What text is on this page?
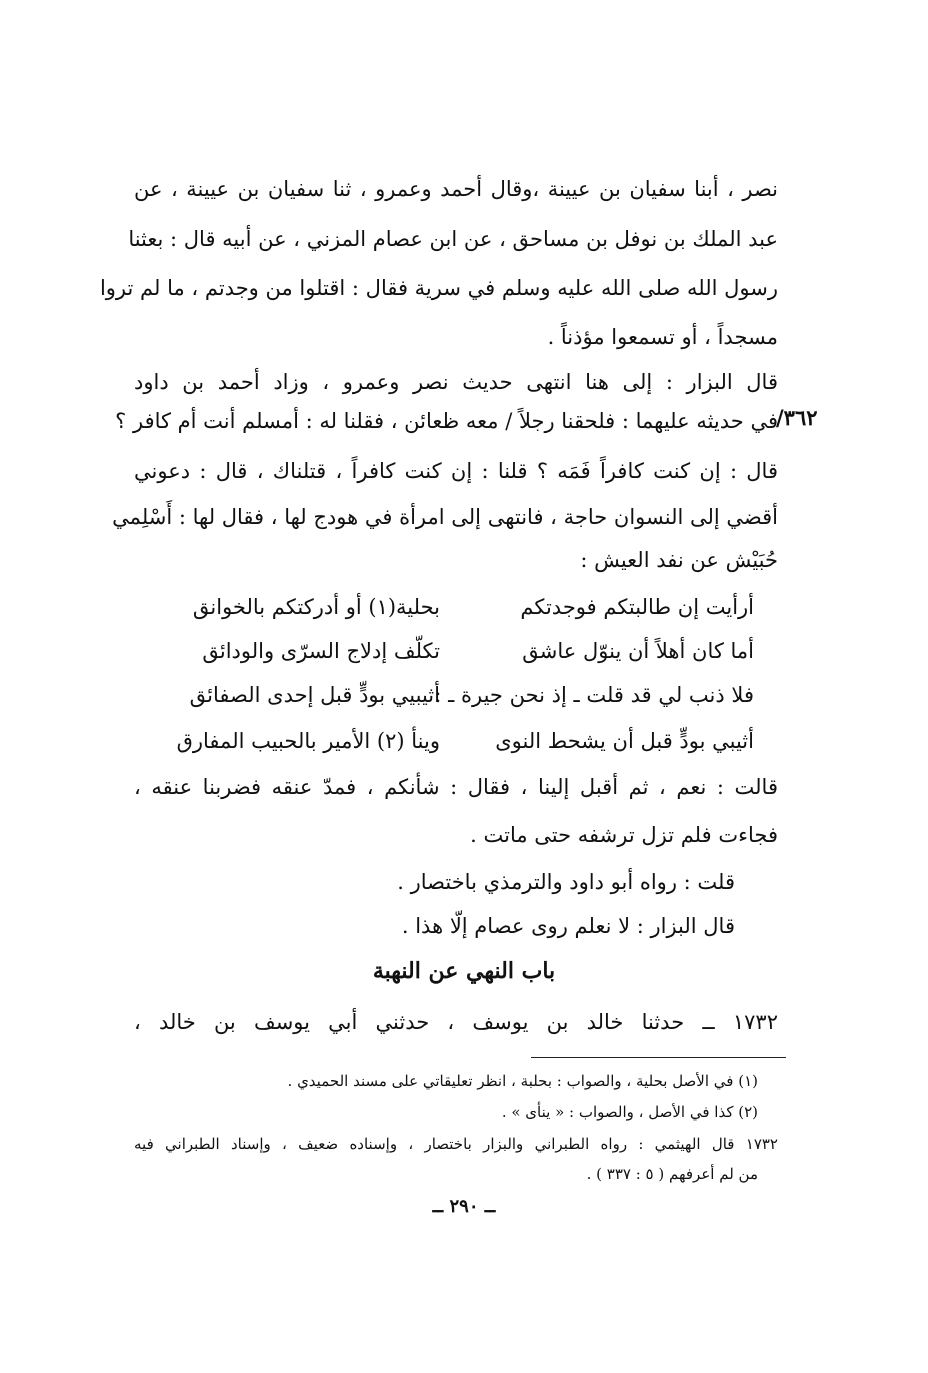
نصر ، أبنا سفيان بن عيينة ،وقال أحمد وعمرو ، ثنا سفيان بن عيينة ، عن
عبد الملك بن نوفل بن مساحق ، عن ابن عصام المزني ، عن أبيه قال : بعثنا
رسول الله صلى الله عليه وسلم في سرية فقال : اقتلوا من وجدتم ، ما لم تروا
مسجداً ، أو تسمعوا مؤذناً .
قال البزار : إلى هنا انتهى حديث نصر وعمرو ، وزاد أحمد بن داود
في حديثه عليهما : فلحقنا رجلاً / معه ظعائن ، فقلنا له : أمسلم أنت أم كافر ؟
٣٦٢/
قال : إن كنت كافراً فَمَه ؟ قلنا : إن كنت كافراً ، قتلناك ، قال : دعوني
أقضي إلى النسوان حاجة ، فانتهى إلى امرأة في هودج لها ، فقال لها : أَسْلِمي
حُبَيْش عن نفد العيش :
أرأيت إن طالبتكم فوجدتكم
بحلية(١) أو أدركتكم بالخوانق
أما كان أهلاً أن ينوّل عاشق
تكلّف إدلاج السرّى والودائق
فلا ذنب لي قد قلت ـ إذ نحن جيرة ـ :
أثيبيي بودٍّ قبل إحدى الصفائق
أثيبي بودٍّ قبل أن يشحط النوى
وينأ (٢) الأمير بالحبيب المفارق
قالت : نعم ، ثم أقبل إلينا ، فقال : شأنكم ، فمدّ عنقه فضربنا عنقه ،
فجاءت فلم تزل ترشفه حتى ماتت .
قلت : رواه أبو داود والترمذي باختصار .
قال البزار : لا نعلم روى عصام إلّا هذا .
باب النهي عن النهبة
١٧٣٢ ــ حدثنا خالد بن يوسف ، حدثني أبي يوسف بن خالد ،
(١) في الأصل بحلية ، والصواب : بحلبة ، انظر تعليقاتي على مسند الحميدي .
(٢) كذا في الأصل ، والصواب : « ينأى » .
١٧٣٢ قال الهيثمي : رواه الطبراني والبزار باختصار ، وإسناده ضعيف ، وإسناد الطبراني فيه
من لم أعرفهم ( ٥ : ٣٣٧ ) .
ــ ٢٩٠ ــ
